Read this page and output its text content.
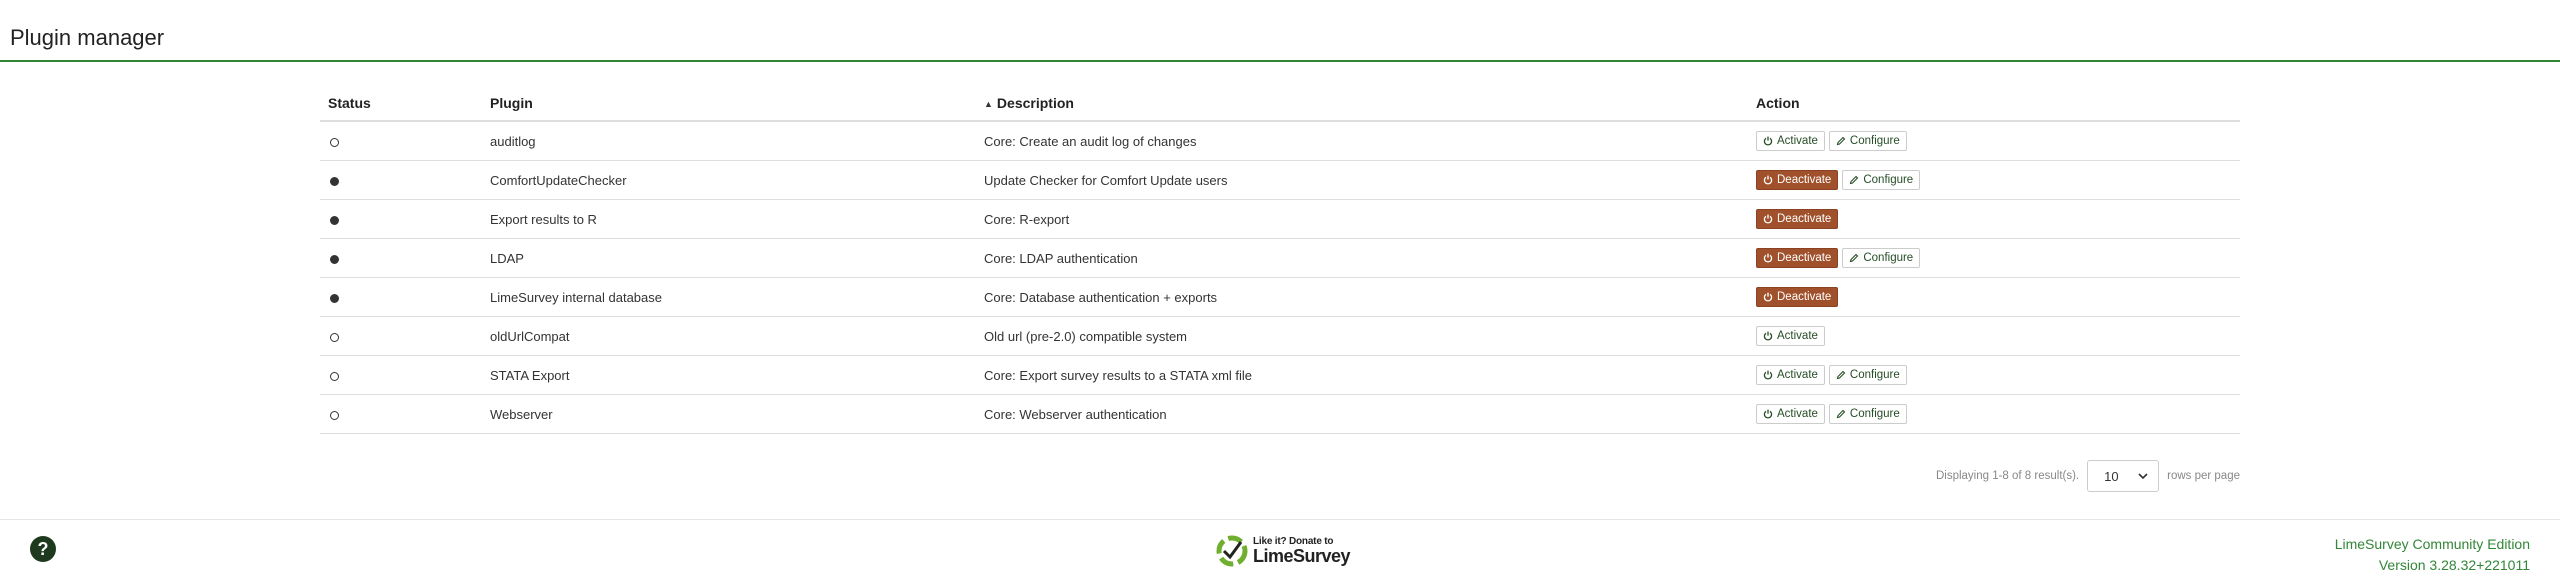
Plugin manager
Status	Plugin	▲ Description	Action
	auditlog	Core: Create an audit log of changes	Activate Configure

	ComfortUpdateChecker	Update Checker for Comfort Update users	Deactivate Configure

	Export results to R	Core: R-export	Deactivate

	LDAP	Core: LDAP authentication	Deactivate Configure

	LimeSurvey internal database	Core: Database authentication + exports	Deactivate

	oldUrlCompat	Old url (pre-2.0) compatible system	Activate

	STATA Export	Core: Export survey results to a STATA xml file	Activate Configure

	Webserver	Core: Webserver authentication	Activate Configure
Displaying 1-8 of 8 result(s). 10	rows per page
?	Like it? Donate to
LimeSurvey
LimeSurvey Community Edition
Version 3.28.32+221011
